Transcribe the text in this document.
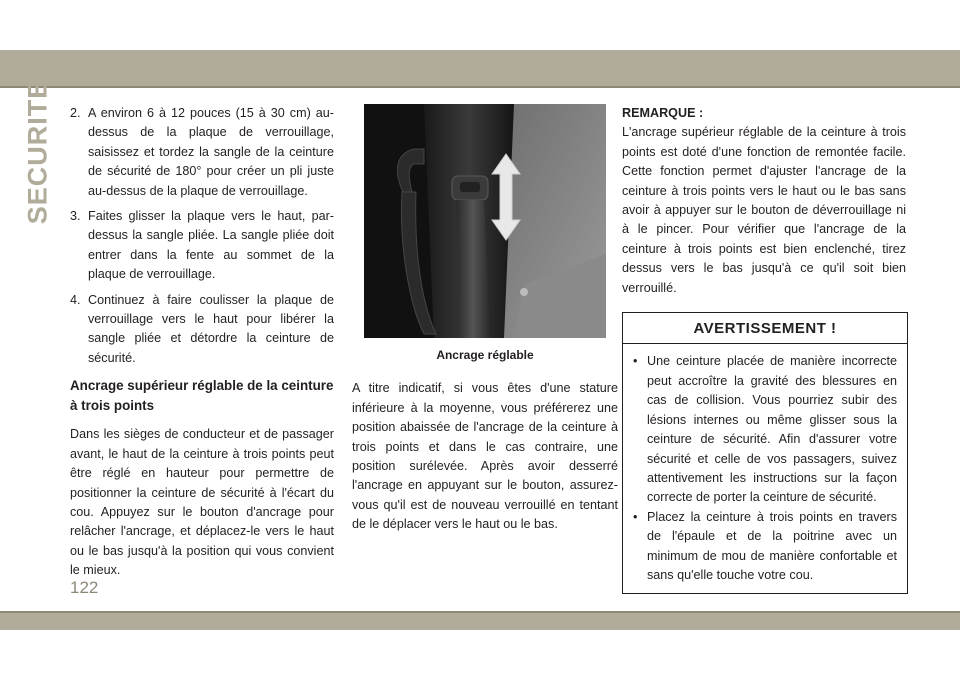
SECURITE 2. A environ 6 à 12 pouces (15 à 30 cm) au-dessus de la plaque de verrouillage, saisissez et tordez la sangle de la ceinture de sécurité de 180° pour créer un pli juste au-dessus de la plaque de verrouillage.
3. Faites glisser la plaque vers le haut, par-dessus la sangle pliée. La sangle pliée doit entrer dans la fente au sommet de la plaque de verrouillage.
4. Continuez à faire coulisser la plaque de verrouillage vers le haut pour libérer la sangle pliée et détordre la ceinture de sécurité.
Ancrage supérieur réglable de la ceinture à trois points

Dans les sièges de conducteur et de passager avant, le haut de la ceinture à trois points peut être réglé en hauteur pour permettre de positionner la ceinture de sécurité à l'écart du cou. Appuyez sur le bouton d'ancrage pour relâcher l'ancrage, et déplacez-le vers le haut ou le bas jusqu'à la position qui vous convient le mieux.

Ancrage réglable

A titre indicatif, si vous êtes d'une stature inférieure à la moyenne, vous préférerez une position abaissée de l'ancrage de la ceinture à trois points et dans le cas contraire, une position surélevée. Après avoir desserré l'ancrage en appuyant sur le bouton, assurez-vous qu'il est de nouveau verrouillé en tentant de le déplacer vers le haut ou le bas.

REMARQUE :

L'ancrage supérieur réglable de la ceinture à trois points est doté d'une fonction de remontée facile. Cette fonction permet d'ajuster l'ancrage de la ceinture à trois points vers le haut ou le bas sans avoir à appuyer sur le bouton de déverrouillage ni à le pincer. Pour vérifier que l'ancrage de la ceinture à trois points est bien enclenché, tirez dessus vers le bas jusqu'à ce qu'il soit bien verrouillé.

AVERTISSEMENT !
• Une ceinture placée de manière incorrecte peut accroître la gravité des blessures en cas de collision. Vous pourriez subir des lésions internes ou même glisser sous la ceinture de sécurité. Afin d'assurer votre sécurité et celle de vos passagers, suivez attentivement les instructions sur la façon correcte de porter la ceinture de sécurité.
• Placez la ceinture à trois points en travers de l'épaule et de la poitrine avec un minimum de mou de manière confortable et sans qu'elle touche votre cou.
122
